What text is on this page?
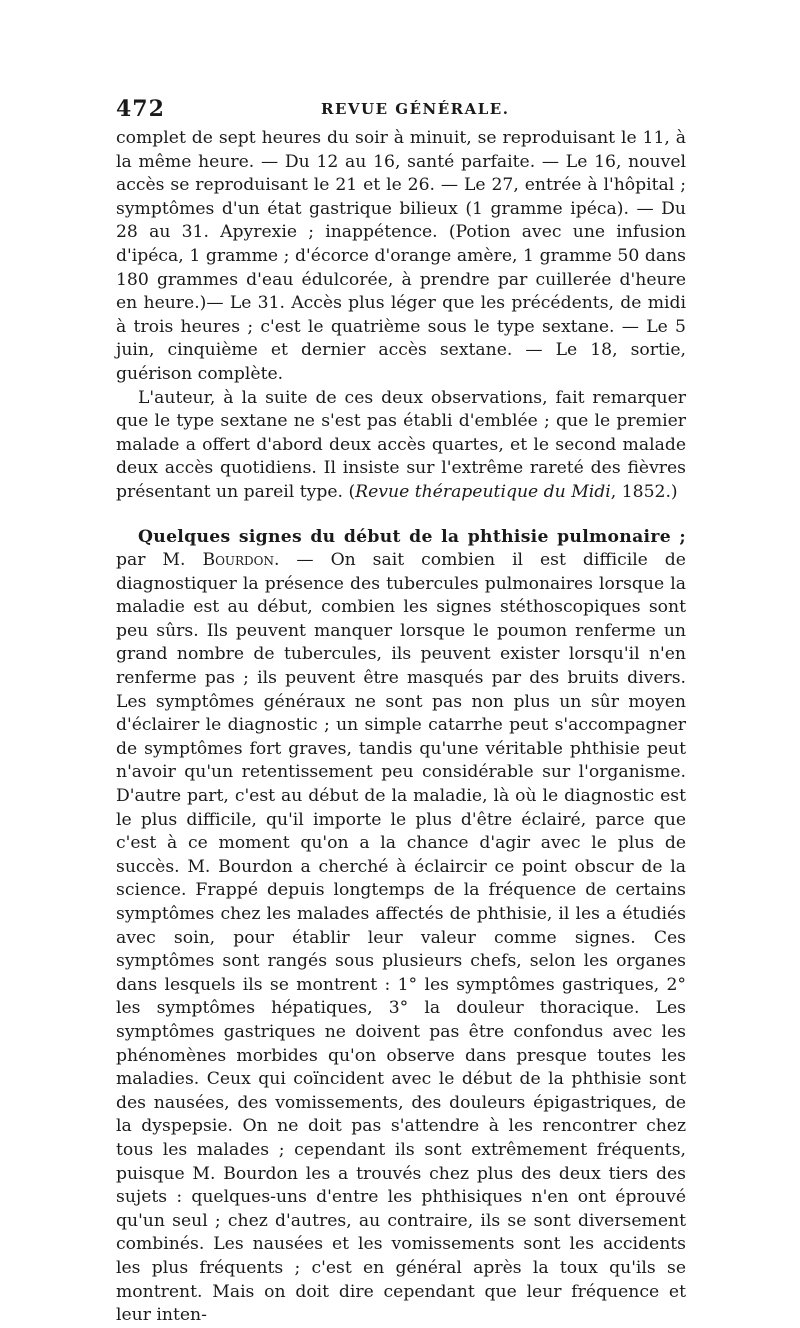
472	REVUE GÉNÉRALE.

complet de sept heures du soir à minuit, se reproduisant le 11, à la même heure. — Du 12 au 16, santé parfaite. — Le 16, nouvel accès se reproduisant le 21 et le 26. — Le 27, entrée à l'hôpital ; symptômes d'un état gastrique bilieux (1 gramme ipéca). — Du 28 au 31. Apyrexie ; inappétence. (Potion avec une infusion d'ipéca, 1 gramme ; d'écorce d'orange amère, 1 gramme 50 dans 180 grammes d'eau édulcorée, à prendre par cuillerée d'heure en heure.)— Le 31. Accès plus léger que les précédents, de midi à trois heures ; c'est le quatrième sous le type sextane. — Le 5 juin, cinquième et dernier accès sextane. — Le 18, sortie, guérison complète.

L'auteur, à la suite de ces deux observations, fait remarquer que le type sextane ne s'est pas établi d'emblée ; que le premier malade a offert d'abord deux accès quartes, et le second malade deux accès quotidiens. Il insiste sur l'extrême rareté des fièvres présentant un pareil type. (Revue thérapeutique du Midi, 1852.)

Quelques signes du début de la phthisie pulmonaire ; par M. Bourdon. — On sait combien il est difficile de diagnostiquer la présence des tubercules pulmonaires lorsque la maladie est au début, combien les signes stéthoscopiques sont peu sûrs. Ils peuvent manquer lorsque le poumon renferme un grand nombre de tubercules, ils peuvent exister lorsqu'il n'en renferme pas ; ils peuvent être masqués par des bruits divers. Les symptômes généraux ne sont pas non plus un sûr moyen d'éclairer le diagnostic ; un simple catarrhe peut s'accompagner de symptômes fort graves, tandis qu'une véritable phthisie peut n'avoir qu'un retentissement peu considérable sur l'organisme. D'autre part, c'est au début de la maladie, là où le diagnostic est le plus difficile, qu'il importe le plus d'être éclairé, parce que c'est à ce moment qu'on a la chance d'agir avec le plus de succès. M. Bourdon a cherché à éclaircir ce point obscur de la science. Frappé depuis longtemps de la fréquence de certains symptômes chez les malades affectés de phthisie, il les a étudiés avec soin, pour établir leur valeur comme signes. Ces symptômes sont rangés sous plusieurs chefs, selon les organes dans lesquels ils se montrent : 1° les symptômes gastriques, 2° les symptômes hépatiques, 3° la douleur thoracique. Les symptômes gastriques ne doivent pas être confondus avec les phénomènes morbides qu'on observe dans presque toutes les maladies. Ceux qui coïncident avec le début de la phthisie sont des nausées, des vomissements, des douleurs épigastriques, de la dyspepsie. On ne doit pas s'attendre à les rencontrer chez tous les malades ; cependant ils sont extrêmement fréquents, puisque M. Bourdon les a trouvés chez plus des deux tiers des sujets : quelques-uns d'entre les phthisiques n'en ont éprouvé qu'un seul ; chez d'autres, au contraire, ils se sont diversement combinés. Les nausées et les vomissements sont les accidents les plus fréquents ; c'est en général après la toux qu'ils se montrent. Mais on doit dire cependant que leur fréquence et leur inten-
